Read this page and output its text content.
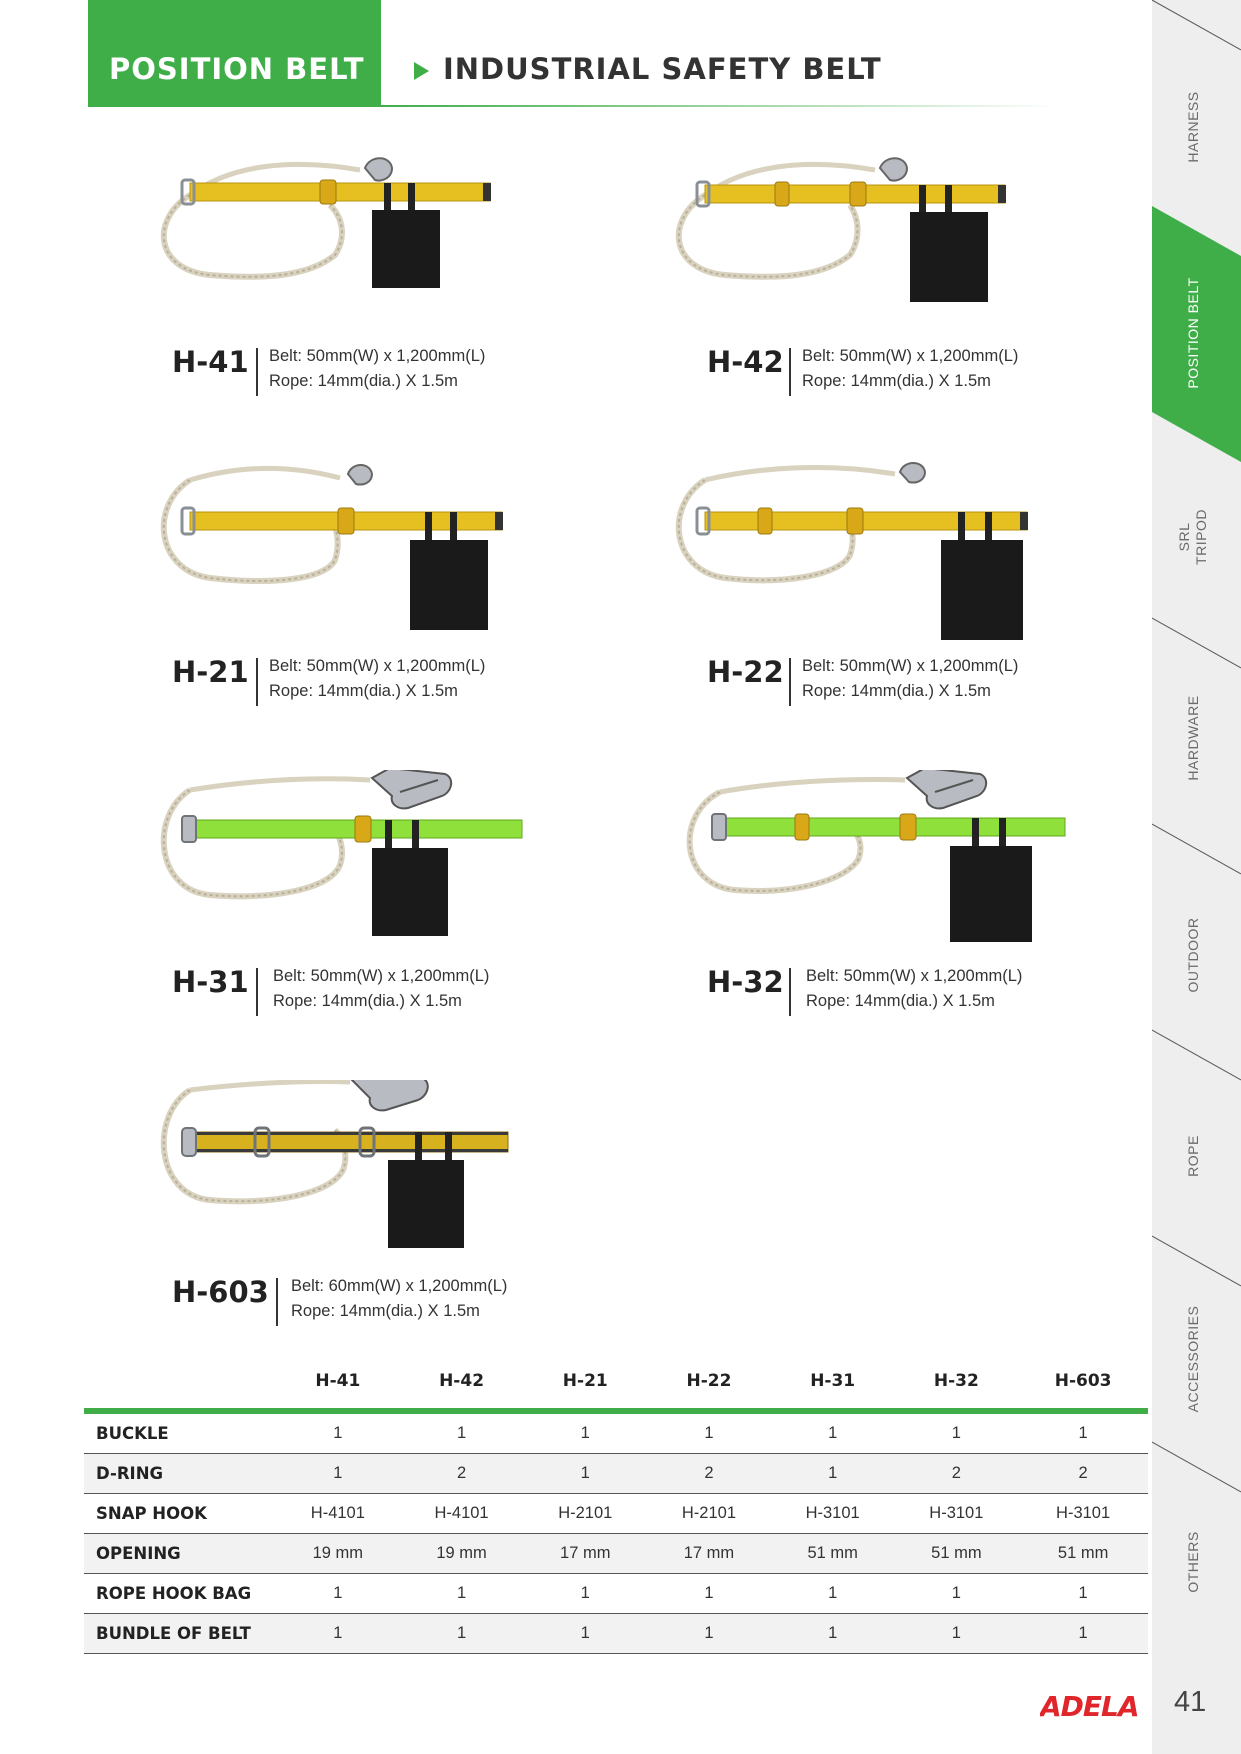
POSITION BELT	INDUSTRIAL SAFETY BELT
HARNESS
POSITION BELT
SRL TRIPOD
HARDWARE
OUTDOOR
ROPE
ACCESSORIES
OTHERS
H-41 Belt: 50mm(W) x 1,200mm(L)
Rope: 14mm(dia.) X 1.5m
H-42 Belt: 50mm(W) x 1,200mm(L)
Rope: 14mm(dia.) X 1.5m
H-21 Belt: 50mm(W) x 1,200mm(L)
Rope: 14mm(dia.) X 1.5m
H-22 Belt: 50mm(W) x 1,200mm(L)
Rope: 14mm(dia.) X 1.5m
H-31 Belt: 50mm(W) x 1,200mm(L)
Rope: 14mm(dia.) X 1.5m
H-32 Belt: 50mm(W) x 1,200mm(L)
Rope: 14mm(dia.) X 1.5m
H-603 Belt: 60mm(W) x 1,200mm(L)
Rope: 14mm(dia.) X 1.5m
	H-41	H-42	H-21	H-22	H-31	H-32	H-603
BUCKLE	1	1	1	1	1	1	1
D-RING	1	2	1	2	1	2	2
SNAP HOOK	H-4101	H-4101	H-2101	H-2101	H-3101	H-3101	H-3101
OPENING	19 mm	19 mm	17 mm	17 mm	51 mm	51 mm	51 mm
ROPE HOOK BAG	1	1	1	1	1	1	1
BUNDLE OF BELT	1	1	1	1	1	1	1
ADELA 41
